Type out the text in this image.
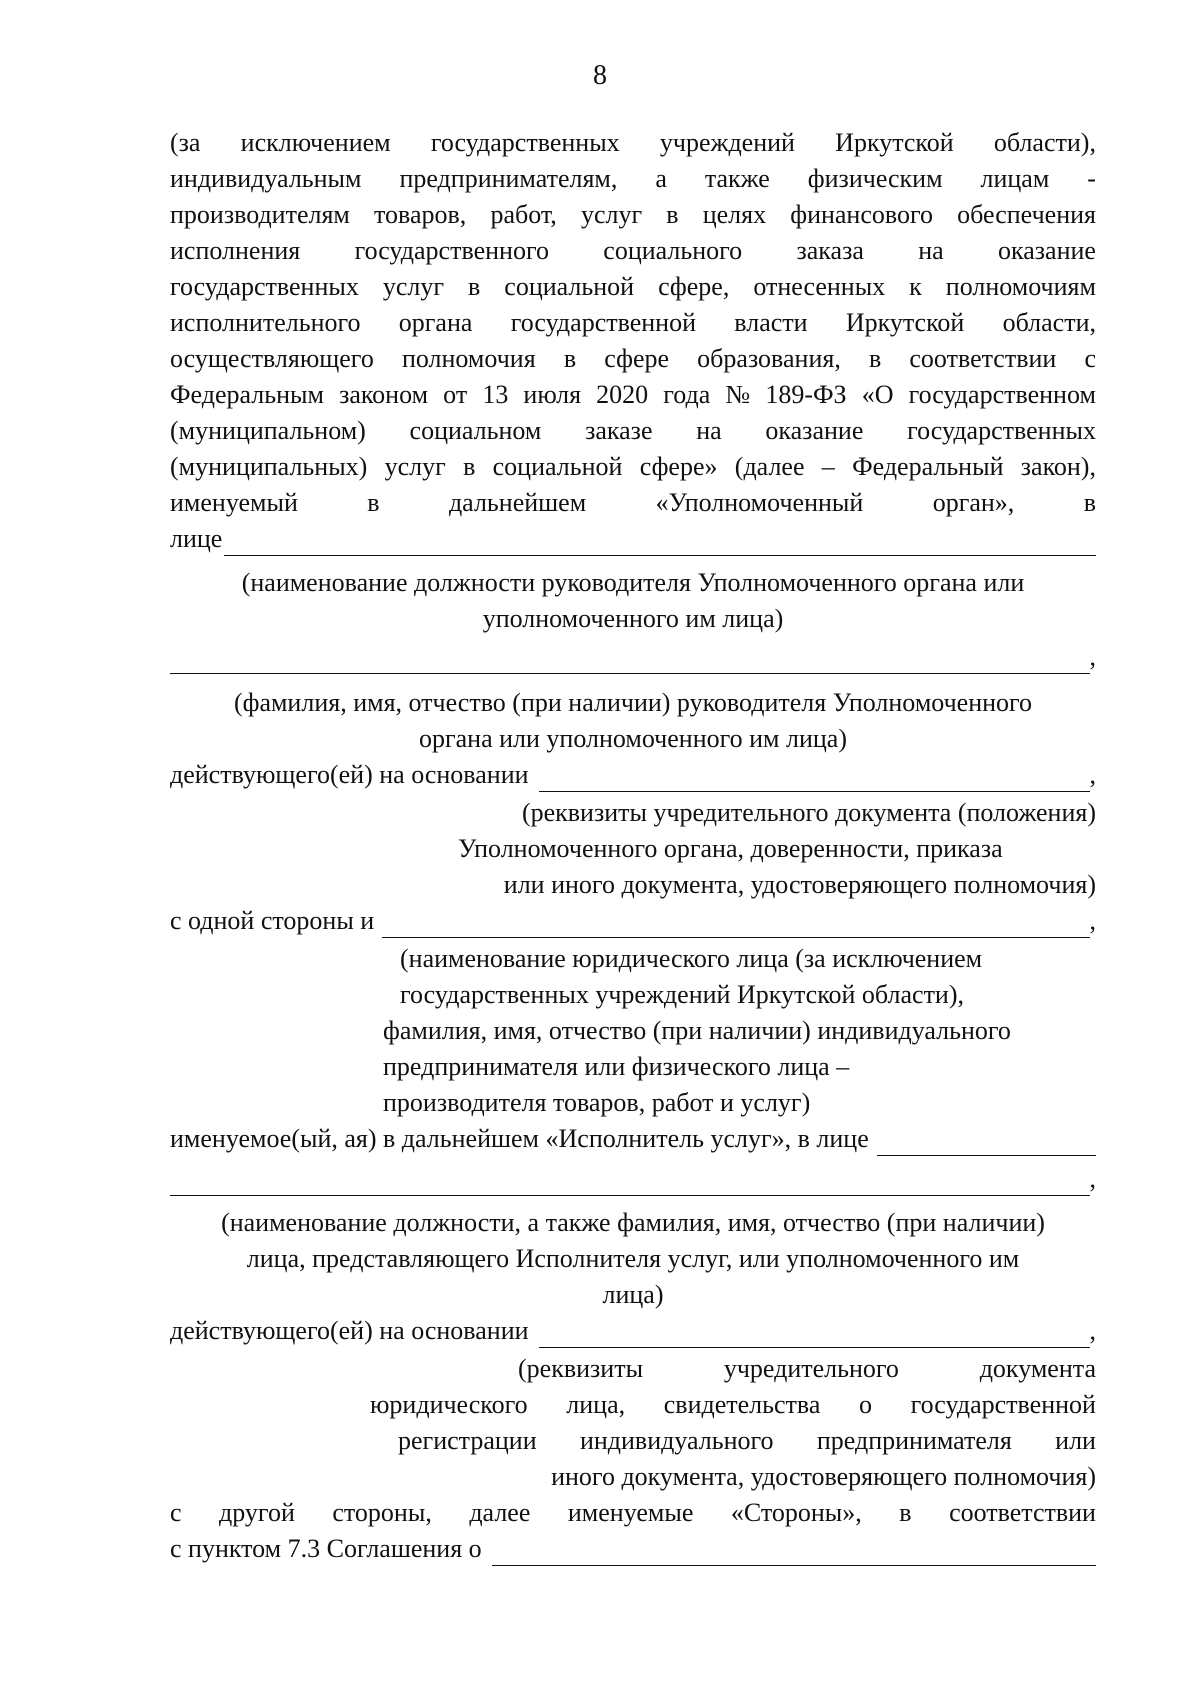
8
(за исключением государственных учреждений Иркутской области),
индивидуальным предпринимателям, а также физическим лицам -
производителям товаров, работ, услуг в целях финансового обеспечения
исполнения государственного социального заказа на оказание
государственных услуг в социальной сфере, отнесенных к полномочиям
исполнительного органа государственной власти Иркутской области,
осуществляющего полномочия в сфере образования, в соответствии с
Федеральным законом от 13 июля 2020 года № 189-ФЗ «О государственном
(муниципальном) социальном заказе на оказание государственных
(муниципальных) услуг в социальной сфере» (далее – Федеральный закон),
именуемый	в	дальнейшем	«Уполномоченный	орган»,	в
лице
(наименование должности руководителя Уполномоченного органа или
уполномоченного им лица)
,
(фамилия, имя, отчество (при наличии) руководителя Уполномоченного
органа или уполномоченного им лица)
действующего(ей) на основании	,
(реквизиты учредительного документа (положения)
Уполномоченного органа, доверенности, приказа
или иного документа, удостоверяющего полномочия)
с одной стороны и	,
(наименование юридического лица (за исключением
государственных учреждений Иркутской области),
фамилия, имя, отчество (при наличии) индивидуального
предпринимателя или физического лица –
производителя товаров, работ и услуг)
именуемое(ый, ая) в дальнейшем «Исполнитель услуг», в лице
,
(наименование должности, а также фамилия, имя, отчество (при наличии)
лица, представляющего Исполнителя услуг, или уполномоченного им
лица)
действующего(ей) на основании	,
(реквизиты	учредительного	документа
юридического лица, свидетельства о государственной
регистрации индивидуального предпринимателя или
иного документа, удостоверяющего полномочия)
с другой стороны, далее именуемые «Стороны», в соответствии
с пунктом 7.3 Соглашения о
